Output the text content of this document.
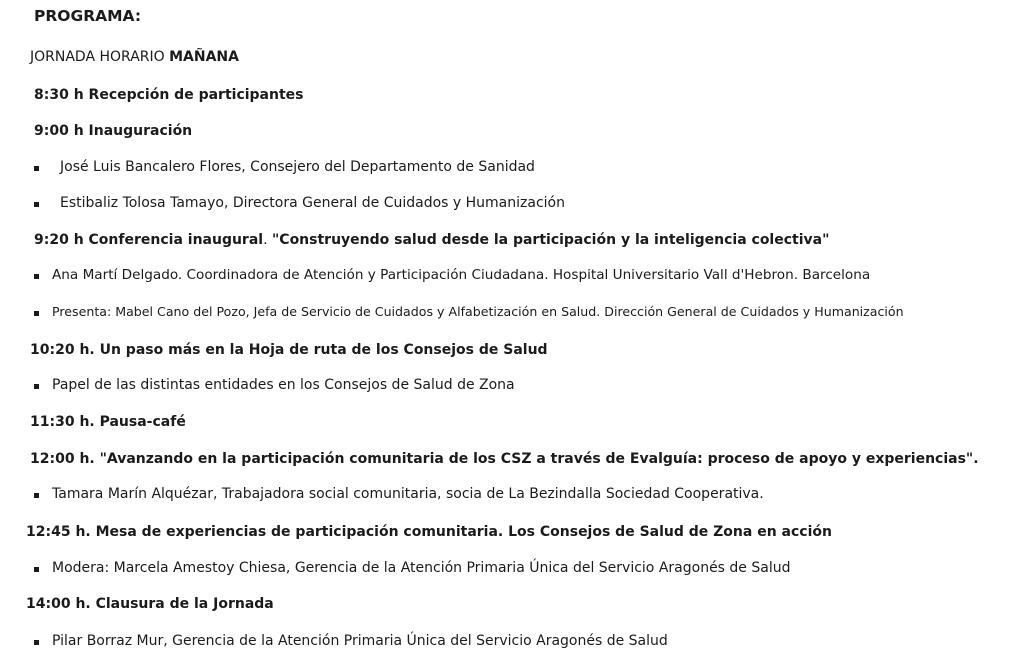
PROGRAMA:
JORNADA HORARIO MAÑANA
8:30 h Recepción de participantes
9:00 h Inauguración
José Luis Bancalero Flores, Consejero del Departamento de Sanidad
Estibaliz Tolosa Tamayo, Directora General de Cuidados y Humanización
9:20 h Conferencia inaugural. "Construyendo salud desde la participación y la inteligencia colectiva"
Ana Martí Delgado. Coordinadora de Atención y Participación Ciudadana. Hospital Universitario Vall d'Hebron. Barcelona
Presenta: Mabel Cano del Pozo, Jefa de Servicio de Cuidados y Alfabetización en Salud. Dirección General de Cuidados y Humanización
10:20 h. Un paso más en la Hoja de ruta de los Consejos de Salud
Papel de las distintas entidades en los Consejos de Salud de Zona
11:30 h. Pausa-café
12:00 h. "Avanzando en la participación comunitaria de los CSZ a través de Evalguía: proceso de apoyo y experiencias".
Tamara Marín Alquézar, Trabajadora social comunitaria, socia de La Bezindalla Sociedad Cooperativa.
12:45 h. Mesa de experiencias de participación comunitaria. Los Consejos de Salud de Zona en acción
Modera: Marcela Amestoy Chiesa, Gerencia de la Atención Primaria Única del Servicio Aragonés de Salud
14:00 h. Clausura de la Jornada
Pilar Borraz Mur, Gerencia de la Atención Primaria Única del Servicio Aragonés de Salud
